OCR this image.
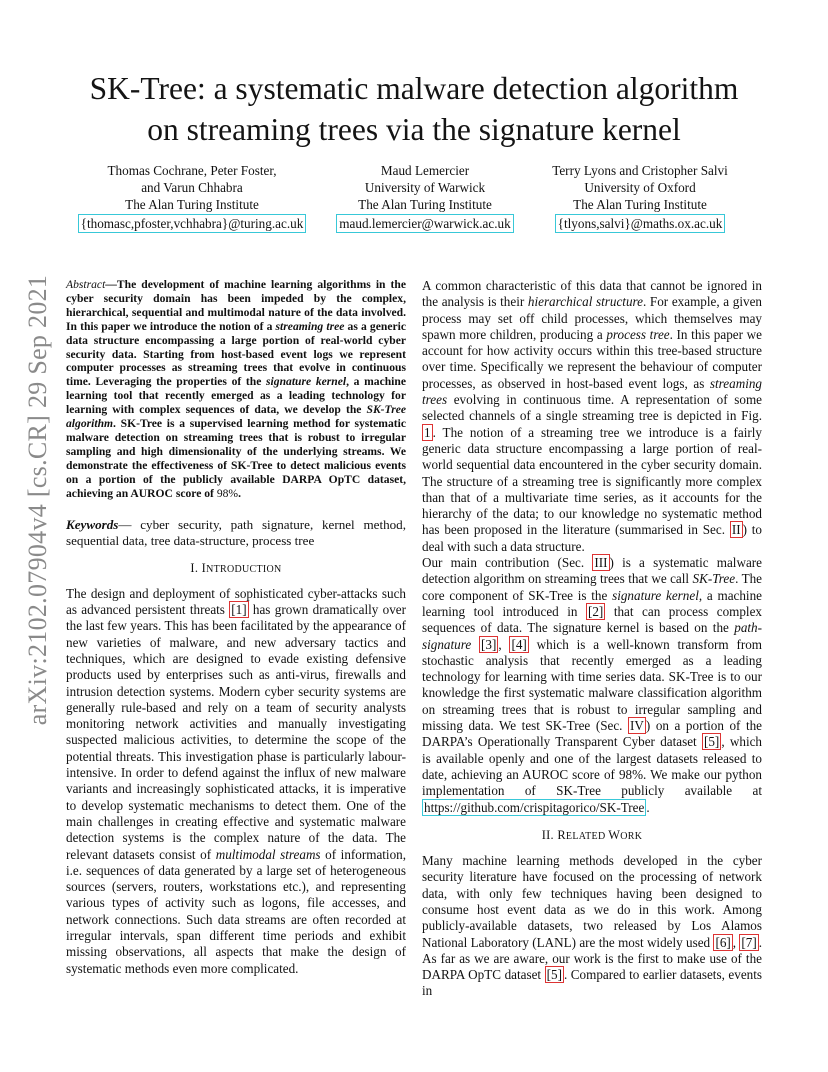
arXiv:2102.07904v4 [cs.CR] 29 Sep 2021
SK-Tree: a systematic malware detection algorithm
on streaming trees via the signature kernel
Thomas Cochrane, Peter Foster,
and Varun Chhabra
The Alan Turing Institute
{thomasc,pfoster,vchhabra}@turing.ac.uk
Maud Lemercier
University of Warwick
The Alan Turing Institute
maud.lemercier@warwick.ac.uk
Terry Lyons and Cristopher Salvi
University of Oxford
The Alan Turing Institute
{tlyons,salvi}@maths.ox.ac.uk
Abstract—The development of machine learning algorithms in the cyber security domain has been impeded by the complex, hierarchical, sequential and multimodal nature of the data involved. In this paper we introduce the notion of a streaming tree as a generic data structure encompassing a large portion of real-world cyber security data. Starting from host-based event logs we represent computer processes as streaming trees that evolve in continuous time. Leveraging the properties of the signature kernel, a machine learning tool that recently emerged as a leading technology for learning with complex sequences of data, we develop the SK-Tree algorithm. SK-Tree is a supervised learning method for systematic malware detection on streaming trees that is robust to irregular sampling and high dimensionality of the underlying streams. We demonstrate the effectiveness of SK-Tree to detect malicious events on a portion of the publicly available DARPA OpTC dataset, achieving an AUROC score of 98%.
Keywords— cyber security, path signature, kernel method, sequential data, tree data-structure, process tree
I. INTRODUCTION

The design and deployment of sophisticated cyber-attacks such as advanced persistent threats [1] has grown dramatically over the last few years. This has been facilitated by the appearance of new varieties of malware, and new adversary tactics and techniques, which are designed to evade existing defensive products used by enterprises such as anti-virus, firewalls and intrusion detection systems. Modern cyber security systems are generally rule-based and rely on a team of security analysts monitoring network activities and manually investigating suspected malicious activities, to determine the scope of the potential threats. This investigation phase is particularly labour-intensive. In order to defend against the influx of new malware variants and increasingly sophisticated attacks, it is imperative to develop systematic mechanisms to detect them. One of the main challenges in creating effective and systematic malware detection systems is the complex nature of the data. The relevant datasets consist of multimodal streams of information, i.e. sequences of data generated by a large set of heterogeneous sources (servers, routers, workstations etc.), and representing various types of activity such as logons, file accesses, and network connections. Such data streams are often recorded at irregular intervals, span different time periods and exhibit missing observations, all aspects that make the design of systematic methods even more complicated.

A common characteristic of this data that cannot be ignored in the analysis is their hierarchical structure. For example, a given process may set off child processes, which themselves may spawn more children, producing a process tree. In this paper we account for how activity occurs within this tree-based structure over time. Specifically we represent the behaviour of computer processes, as observed in host-based event logs, as streaming trees evolving in continuous time. A representation of some selected channels of a single streaming tree is depicted in Fig. 1 . The notion of a streaming tree we introduce is a fairly generic data structure encompassing a large portion of real-world sequential data encountered in the cyber security domain. The structure of a streaming tree is significantly more complex than that of a multivariate time series, as it accounts for the hierarchy of the data; to our knowledge no systematic method has been proposed in the literature (summarised in Sec. II ) to deal with such a data structure.

Our main contribution (Sec. III ) is a systematic malware detection algorithm on streaming trees that we call SK-Tree. The core component of SK-Tree is the signature kernel, a machine learning tool introduced in [2] that can process complex sequences of data. The signature kernel is based on the path-signature [3] , [4] which is a well-known transform from stochastic analysis that recently emerged as a leading technology for learning with time series data. SK-Tree is to our knowledge the first systematic malware classification algorithm on streaming trees that is robust to irregular sampling and missing data. We test SK-Tree (Sec. IV ) on a portion of the DARPA’s Operationally Transparent Cyber dataset [5] , which is available openly and one of the largest datasets released to date, achieving an AUROC score of 98%. We make our python implementation of SK-Tree publicly available at https://github.com/crispitagorico/SK-Tree .

II. RELATED WORK

Many machine learning methods developed in the cyber security literature have focused on the processing of network data, with only few techniques having been designed to consume host event data as we do in this work. Among publicly-available datasets, two released by Los Alamos National Laboratory (LANL) are the most widely used [6] , [7] . As far as we are aware, our work is the first to make use of the DARPA OpTC dataset [5] . Compared to earlier datasets, events in
